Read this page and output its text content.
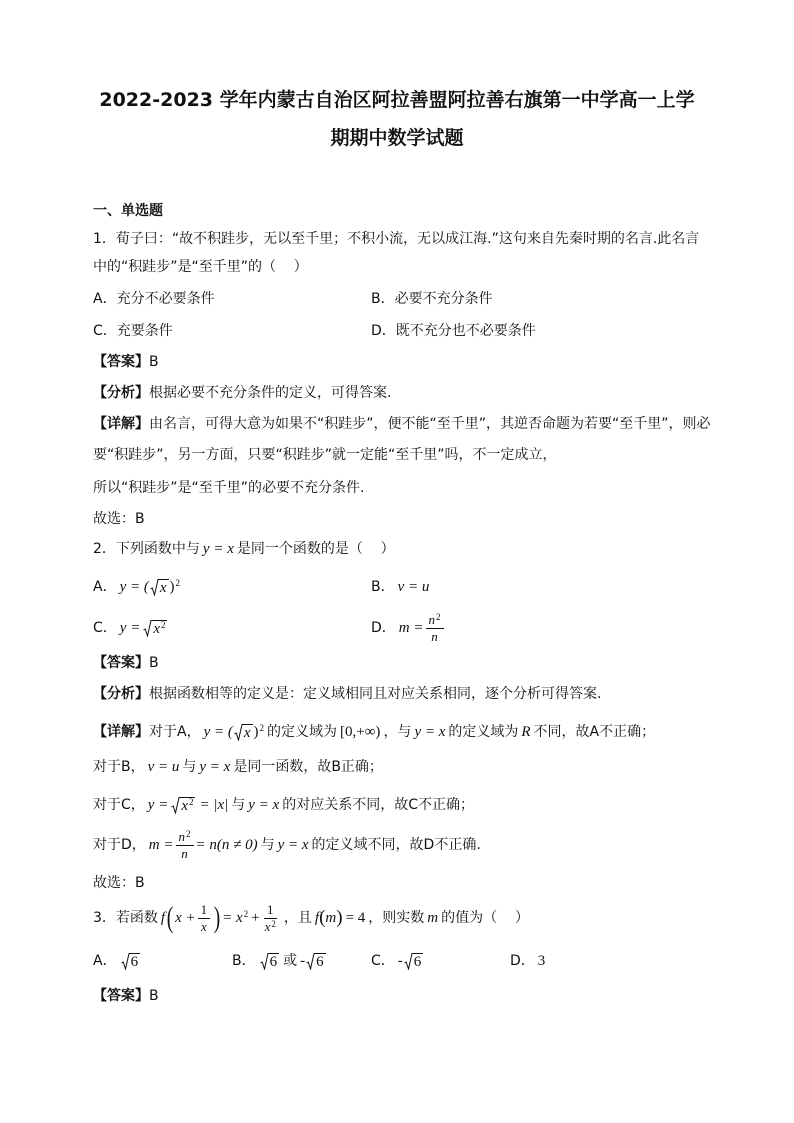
2022-2023 学年内蒙古自治区阿拉善盟阿拉善右旗第一中学高一上学
期期中数学试题
一、单选题
1．荀子曰：“故不积跬步，无以至千里；不积小流，无以成江海.”这句来自先秦时期的名言.此名言
中的“积跬步”是“至千里”的（    ）
A． 充分不必要条件	B． 必要不充分条件
C． 充要条件	D． 既不充分也不必要条件
【答案】 B
【分析】 根据必要不充分条件的定义，可得答案.
【详解】 由名言，可得大意为如果不“积跬步”，便不能“至千里”，其逆否命题为若要“至千里”，则必
要“积跬步”，另一方面，只要“积跬步”就一定能“至千里”吗，不一定成立，
所以“积跬步”是“至千里”的必要不充分条件.
故选：B
2．下列函数中与 y = x 是同一个函数的是（    ）
A． y = ( x ) 2	B． v = u
C． y = x 2	D． $m = \frac{n 2}{n}$
【答案】 B
【分析】 根据函数相等的定义是：定义域相同且对应关系相同，逐个分析可得答案.
【详解】 对于A， y = ( x ) 2 的定义域为 [0,+∞) ，与 y = x 的定义域为 R 不同，故A不正确；
对于B， v = u 与 y = x 是同一函数，故B正确；
对于C， y = x 2 = |x| 与 y = x 的对应关系不同，故C不正确；
对于D， $m = \frac{n 2}{n} = n(n \ne 0)$ 与 y = x 的定义域不同，故D不正确.
故选：B
3．若函数 f ( $x + \frac{1}{x}$ ) = x $2 + \frac{1}{x 2}$ ，且 f ( m ) = 4 ，则实数 m 的值为（    ）
A． 6	B． 6 或 - 6	C． - 6	D． 3
【答案】 B
